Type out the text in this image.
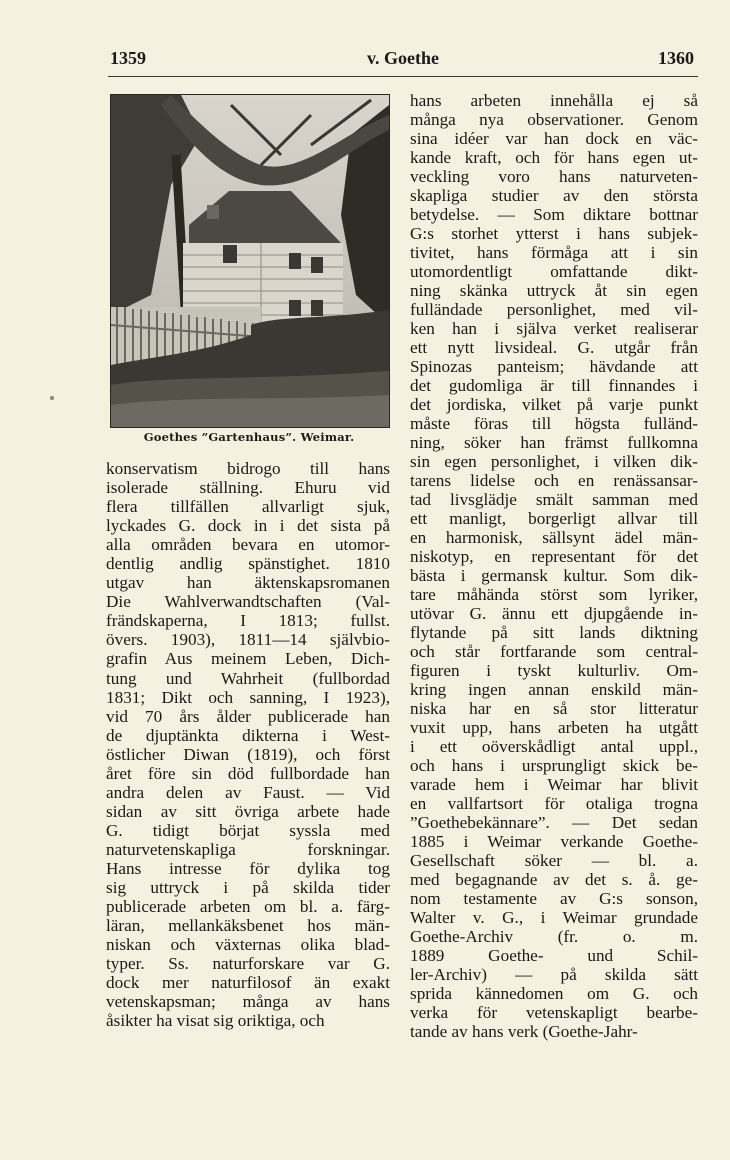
1359	v. Goethe	1360
Goethes ”Gartenhaus”. Weimar.
konservatism bidrogo till hans
isolerade ställning. Ehuru vid
flera tillfällen allvarligt sjuk,
lyckades G. dock in i det sista på
alla områden bevara en utomor-
dentlig andlig spänstighet. 1810
utgav han äktenskapsromanen
Die Wahlverwandtschaften (Val-
frändskaperna, I 1813; fullst.
övers. 1903), 1811—14 självbio-
grafin Aus meinem Leben, Dich-
tung und Wahrheit (fullbordad
1831; Dikt och sanning, I 1923),
vid 70 års ålder publicerade han
de djuptänkta dikterna i West-
östlicher Diwan (1819), och först
året före sin död fullbordade han
andra delen av Faust. — Vid
sidan av sitt övriga arbete hade
G. tidigt börjat syssla med
naturvetenskapliga forskningar.
Hans intresse för dylika tog
sig uttryck i på skilda tider
publicerade arbeten om bl. a. färg-
läran, mellankäksbenet hos män-
niskan och växternas olika blad-
typer. Ss. naturforskare var G.
dock mer naturfilosof än exakt
vetenskapsman; många av hans
åsikter ha visat sig oriktiga, och
hans arbeten innehålla ej så
många nya observationer. Genom
sina idéer var han dock en väc-
kande kraft, och för hans egen ut-
veckling voro hans naturveten-
skapliga studier av den största
betydelse. — Som diktare bottnar
G:s storhet ytterst i hans subjek-
tivitet, hans förmåga att i sin
utomordentligt omfattande dikt-
ning skänka uttryck åt sin egen
fulländade personlighet, med vil-
ken han i själva verket realiserar
ett nytt livsideal. G. utgår från
Spinozas panteism; hävdande att
det gudomliga är till finnandes i
det jordiska, vilket på varje punkt
måste föras till högsta fulländ-
ning, söker han främst fullkomna
sin egen personlighet, i vilken dik-
tarens lidelse och en renässansar-
tad livsglädje smält samman med
ett manligt, borgerligt allvar till
en harmonisk, sällsynt ädel män-
niskotyp, en representant för det
bästa i germansk kultur. Som dik-
tare måhända störst som lyriker,
utövar G. ännu ett djupgående in-
flytande på sitt lands diktning
och står fortfarande som central-
figuren i tyskt kulturliv. Om-
kring ingen annan enskild män-
niska har en så stor litteratur
vuxit upp, hans arbeten ha utgått
i ett oöverskådligt antal uppl.,
och hans i ursprungligt skick be-
varade hem i Weimar har blivit
en vallfartsort för otaliga trogna
”Goethebekännare”. — Det sedan
1885 i Weimar verkande Goethe-
Gesellschaft söker — bl. a.
med begagnande av det s. å. ge-
nom testamente av G:s sonson,
Walter v. G., i Weimar grundade
Goethe-Archiv (fr. o. m.
1889 Goethe- und Schil-
ler-Archiv) — på skilda sätt
sprida kännedomen om G. och
verka för vetenskapligt bearbe-
tande av hans verk (Goethe-Jahr-
